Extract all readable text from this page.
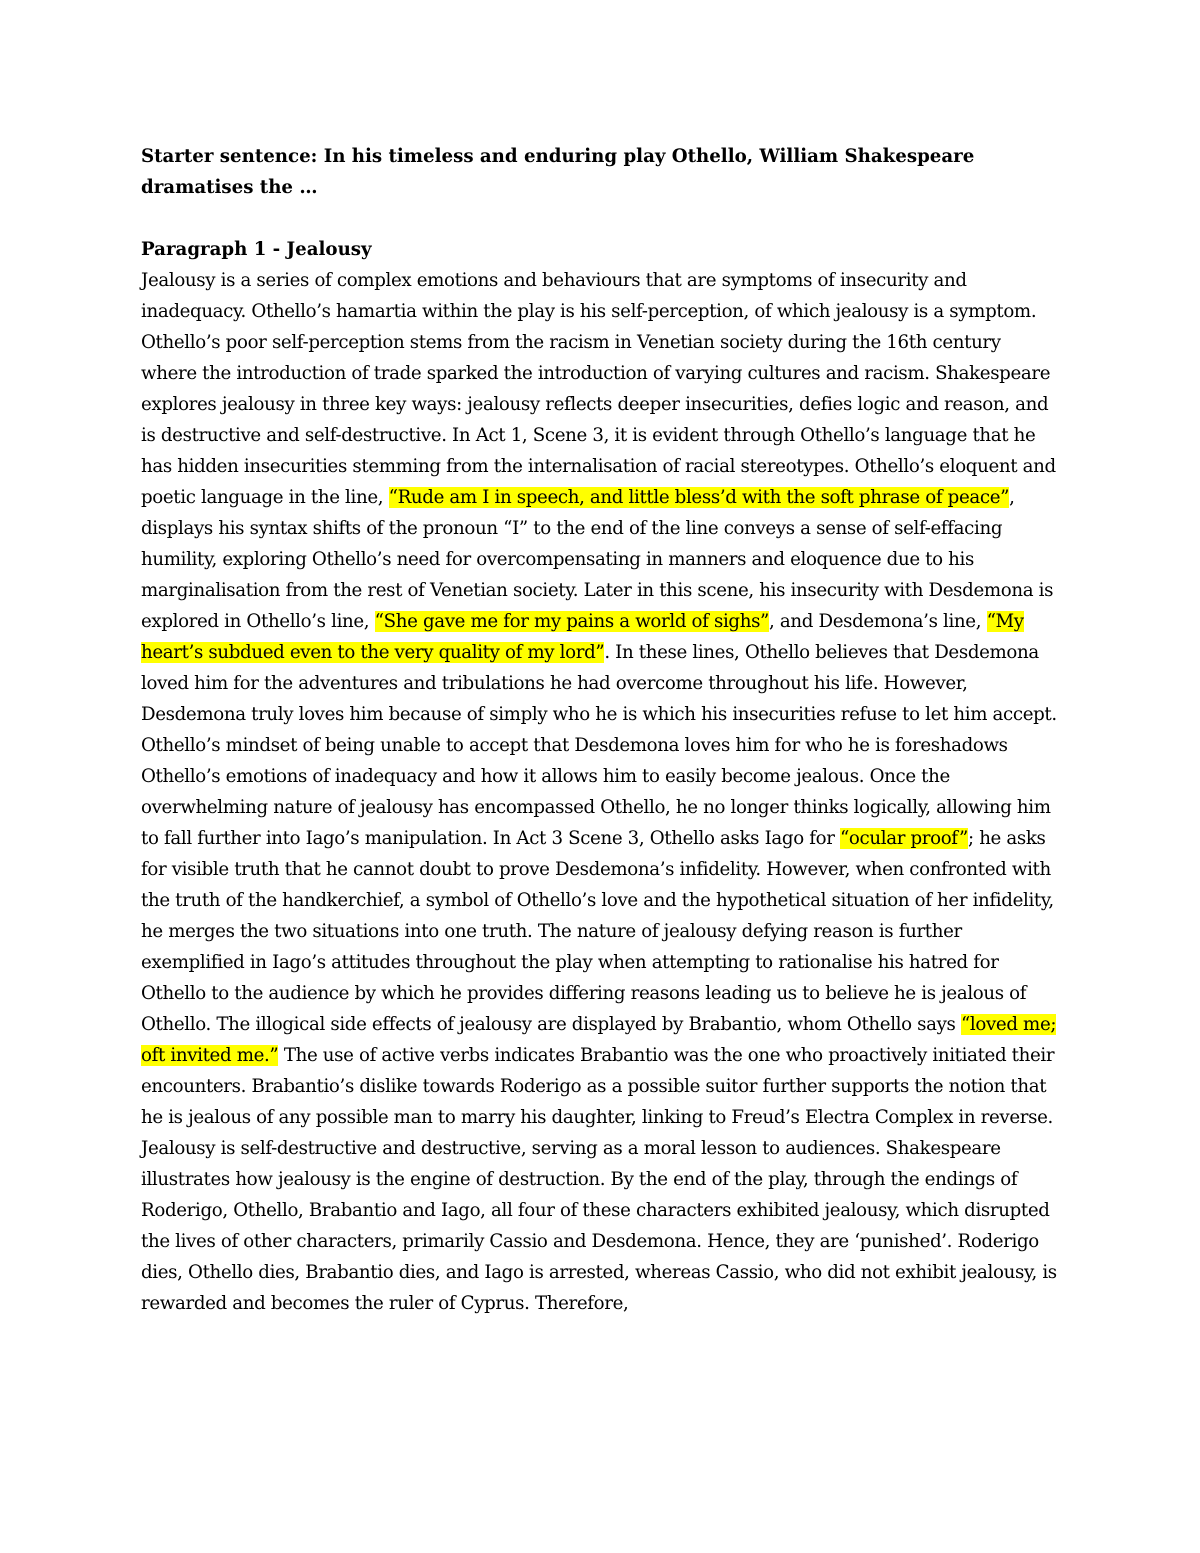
Starter sentence: In his timeless and enduring play Othello, William Shakespeare dramatises the …

Paragraph 1 - Jealousy

Jealousy is a series of complex emotions and behaviours that are symptoms of insecurity and inadequacy. Othello’s hamartia within the play is his self-perception, of which jealousy is a symptom. Othello’s poor self-perception stems from the racism in Venetian society during the 16th century where the introduction of trade sparked the introduction of varying cultures and racism. Shakespeare explores jealousy in three key ways: jealousy reflects deeper insecurities, defies logic and reason, and is destructive and self-destructive. In Act 1, Scene 3, it is evident through Othello’s language that he has hidden insecurities stemming from the internalisation of racial stereotypes. Othello’s eloquent and poetic language in the line, “Rude am I in speech, and little bless’d with the soft phrase of peace”, displays his syntax shifts of the pronoun “I” to the end of the line conveys a sense of self-effacing humility, exploring Othello’s need for overcompensating in manners and eloquence due to his marginalisation from the rest of Venetian society. Later in this scene, his insecurity with Desdemona is explored in Othello’s line, “She gave me for my pains a world of sighs”, and Desdemona’s line, “My heart’s subdued even to the very quality of my lord”. In these lines, Othello believes that Desdemona loved him for the adventures and tribulations he had overcome throughout his life. However, Desdemona truly loves him because of simply who he is which his insecurities refuse to let him accept. Othello’s mindset of being unable to accept that Desdemona loves him for who he is foreshadows Othello’s emotions of inadequacy and how it allows him to easily become jealous. Once the overwhelming nature of jealousy has encompassed Othello, he no longer thinks logically, allowing him to fall further into Iago’s manipulation. In Act 3 Scene 3, Othello asks Iago for “ocular proof”; he asks for visible truth that he cannot doubt to prove Desdemona’s infidelity. However, when confronted with the truth of the handkerchief, a symbol of Othello’s love and the hypothetical situation of her infidelity, he merges the two situations into one truth. The nature of jealousy defying reason is further exemplified in Iago’s attitudes throughout the play when attempting to rationalise his hatred for Othello to the audience by which he provides differing reasons leading us to believe he is jealous of Othello. The illogical side effects of jealousy are displayed by Brabantio, whom Othello says “loved me; oft invited me.” The use of active verbs indicates Brabantio was the one who proactively initiated their encounters. Brabantio’s dislike towards Roderigo as a possible suitor further supports the notion that he is jealous of any possible man to marry his daughter, linking to Freud’s Electra Complex in reverse. Jealousy is self-destructive and destructive, serving as a moral lesson to audiences. Shakespeare illustrates how jealousy is the engine of destruction. By the end of the play, through the endings of Roderigo, Othello, Brabantio and Iago, all four of these characters exhibited jealousy, which disrupted the lives of other characters, primarily Cassio and Desdemona. Hence, they are ‘punished’. Roderigo dies, Othello dies, Brabantio dies, and Iago is arrested, whereas Cassio, who did not exhibit jealousy, is rewarded and becomes the ruler of Cyprus. Therefore,
